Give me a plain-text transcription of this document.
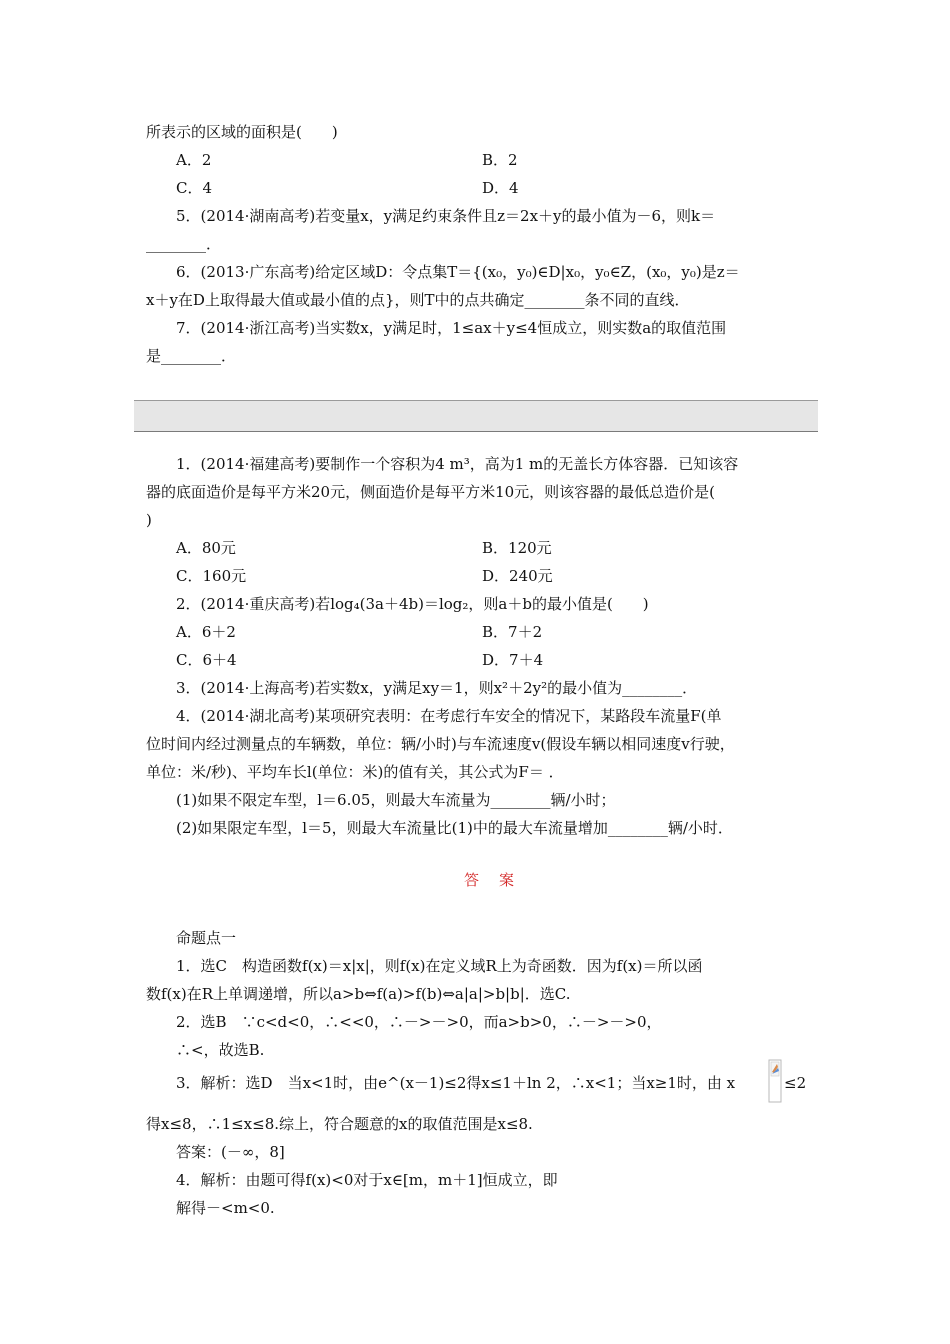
所表示的区域的面积是(　　)
A．2	B．2
C．4	D．4
5．(2014·湖南高考)若变量x，y满足约束条件且z＝2x＋y的最小值为－6，则k＝
________．
6．(2013·广东高考)给定区域D：令点集T＝{(x₀，y₀)∈D|x₀，y₀∈Z，(x₀，y₀)是z＝
x＋y在D上取得最大值或最小值的点}，则T中的点共确定________条不同的直线．
7．(2014·浙江高考)当实数x，y满足时，1≤ax＋y≤4恒成立，则实数a的取值范围
是________．
1．(2014·福建高考)要制作一个容积为4 m³，高为1 m的无盖长方体容器．已知该容
器的底面造价是每平方米20元，侧面造价是每平方米10元，则该容器的最低总造价是(
)
A．80元	B．120元
C．160元	D．240元
2．(2014·重庆高考)若log₄(3a＋4b)＝log₂，则a＋b的最小值是(　　)
A．6＋2	B．7＋2
C．6＋4	D．7＋4
3．(2014·上海高考)若实数x，y满足xy＝1，则x²＋2y²的最小值为________．
4．(2014·湖北高考)某项研究表明：在考虑行车安全的情况下，某路段车流量F(单
位时间内经过测量点的车辆数，单位：辆/小时)与车流速度v(假设车辆以相同速度v行驶，
单位：米/秒)、平均车长l(单位：米)的值有关，其公式为F＝ ．
(1)如果不限定车型，l＝6.05，则最大车流量为________辆/小时；
(2)如果限定车型，l＝5，则最大车流量比(1)中的最大车流量增加________辆/小时．
答案
命题点一
1．选C　构造函数f(x)＝x|x|，则f(x)在定义域R上为奇函数．因为f(x)＝所以函
数f(x)在R上单调递增，所以a>b⇔f(a)>f(b)⇔a|a|>b|b|．选C.
2．选B　∵c<d<0，∴<<0，∴－>－>0，而a>b>0，∴－>－>0，
∴<，故选B.
3．解析：选D　当x<1时，由e^(x－1)≤2得x≤1＋ln 2，∴x<1；当x≥1时，由 x	≤2
得x≤8，∴1≤x≤8.综上，符合题意的x的取值范围是x≤8.
答案：(－∞，8]
4．解析：由题可得f(x)<0对于x∈[m，m＋1]恒成立，即
解得－<m<0.
